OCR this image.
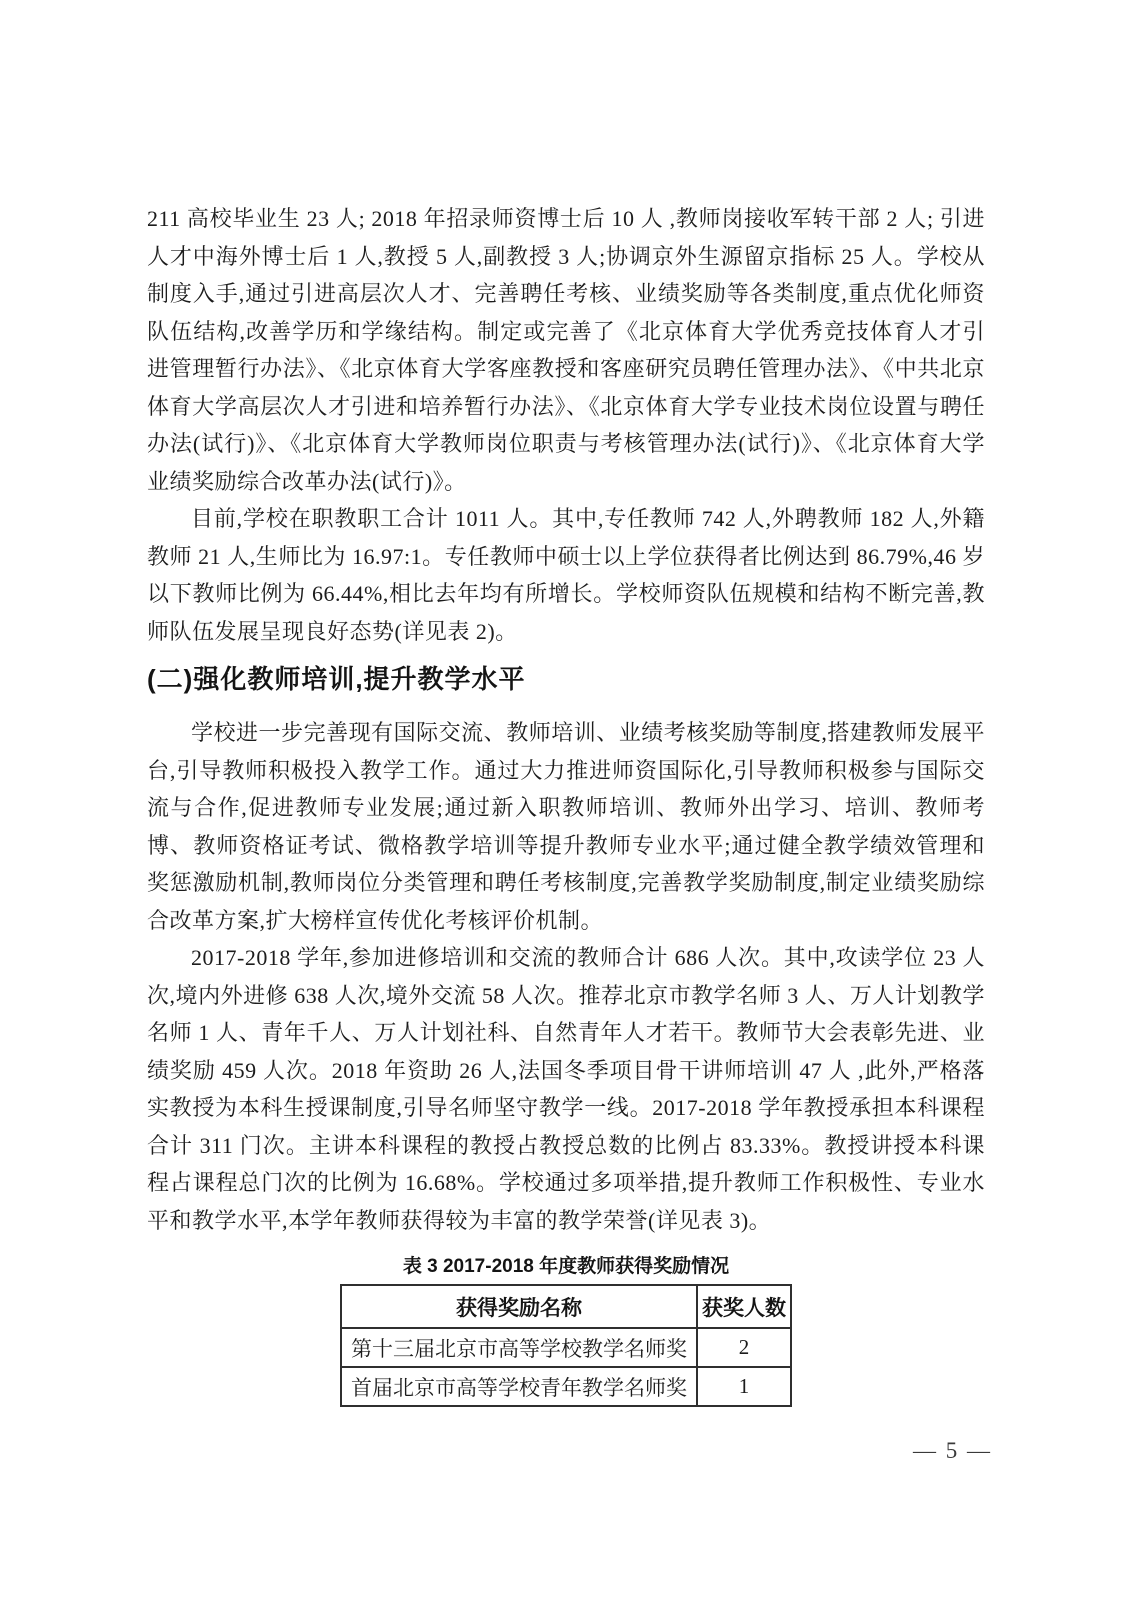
211 高校毕业生 23 人; 2018 年招录师资博士后 10 人 ,教师岗接收军转干部 2 人; 引进人才中海外博士后 1 人,教授 5 人,副教授 3 人;协调京外生源留京指标 25 人。学校从制度入手,通过引进高层次人才、完善聘任考核、业绩奖励等各类制度,重点优化师资队伍结构,改善学历和学缘结构。制定或完善了《北京体育大学优秀竞技体育人才引进管理暂行办法》、《北京体育大学客座教授和客座研究员聘任管理办法》、《中共北京体育大学高层次人才引进和培养暂行办法》、《北京体育大学专业技术岗位设置与聘任办法(试行)》、《北京体育大学教师岗位职责与考核管理办法(试行)》、《北京体育大学业绩奖励综合改革办法(试行)》。

目前,学校在职教职工合计 1011 人。其中,专任教师 742 人,外聘教师 182 人,外籍教师 21 人,生师比为 16.97:1。专任教师中硕士以上学位获得者比例达到 86.79%,46 岁以下教师比例为 66.44%,相比去年均有所增长。学校师资队伍规模和结构不断完善,教师队伍发展呈现良好态势(详见表 2)。

(二)强化教师培训,提升教学水平

学校进一步完善现有国际交流、教师培训、业绩考核奖励等制度,搭建教师发展平台,引导教师积极投入教学工作。通过大力推进师资国际化,引导教师积极参与国际交流与合作,促进教师专业发展;通过新入职教师培训、教师外出学习、培训、教师考博、教师资格证考试、微格教学培训等提升教师专业水平;通过健全教学绩效管理和奖惩激励机制,教师岗位分类管理和聘任考核制度,完善教学奖励制度,制定业绩奖励综合改革方案,扩大榜样宣传优化考核评价机制。

2017-2018 学年,参加进修培训和交流的教师合计 686 人次。其中,攻读学位 23 人次,境内外进修 638 人次,境外交流 58 人次。推荐北京市教学名师 3 人、万人计划教学名师 1 人、青年千人、万人计划社科、自然青年人才若干。教师节大会表彰先进、业绩奖励 459 人次。2018 年资助 26 人,法国冬季项目骨干讲师培训 47 人 ,此外,严格落实教授为本科生授课制度,引导名师坚守教学一线。2017-2018 学年教授承担本科课程合计 311 门次。主讲本科课程的教授占教授总数的比例占 83.33%。教授讲授本科课程占课程总门次的比例为 16.68%。学校通过多项举措,提升教师工作积极性、专业水平和教学水平,本学年教师获得较为丰富的教学荣誉(详见表 3)。

表 3 2017-2018 年度教师获得奖励情况
获得奖励名称	获奖人数
第十三届北京市高等学校教学名师奖	2
首届北京市高等学校青年教学名师奖	1
— 5 —
